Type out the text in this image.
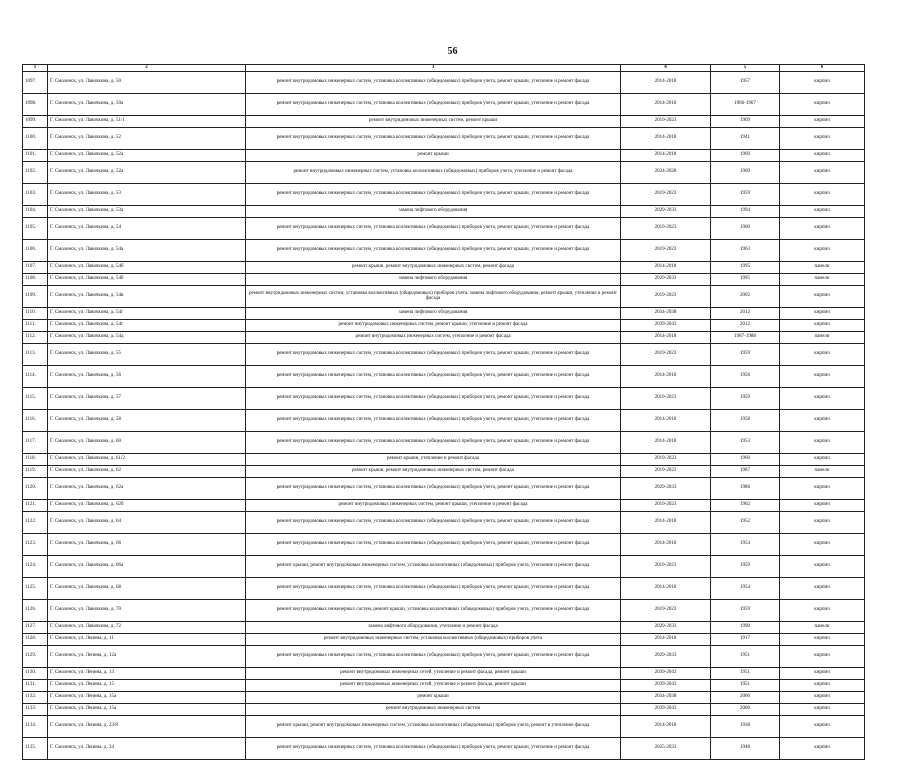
56
1	2	3	4	5	6
1097.	Г. Смоленск, ул. Лавочкина, д. 50	ремонт внутридомовых инженерных систем, установка коллективных (общедомовых) приборов учета, ремонт крыши, утепление и ремонт фасада	2014-2018	1957	кирпич
1098.	Г. Смоленск, ул. Лавочкина, д. 50а	ремонт внутридомовых инженерных систем, установка коллективных (общедомовых) приборов учета, ремонт крыши, утепление и ремонт фасада	2014-2018	1966-1967	кирпич
1099.	Г. Смоленск, ул. Лавочкина, д. 51/1	ремонт внутридомовых инженерных систем, ремонт крыши	2019-2023	1969	кирпич
1100.	Г. Смоленск, ул. Лавочкина, д. 52	ремонт внутридомовых инженерных систем, установка коллективных (общедомовых) приборов учета, ремонт крыши, утепление и ремонт фасада	2014-2018	1941	кирпич
1101.	Г. Смоленск, ул. Лавочкина, д. 52а	ремонт крыши	2014-2018	1969	кирпич
1102.	Г. Смоленск, ул. Лавочкина, д. 52а	ремонт внутридомовых инженерных систем, установка коллективных (общедомовых) приборов учета, утепление и ремонт фасада	2024-2028	1969	кирпич
1103.	Г. Смоленск, ул. Лавочкина, д. 53	ремонт внутридомовых инженерных систем, установка коллективных (общедомовых) приборов учета, ремонт крыши, утепление и ремонт фасада	2019-2023	1959	кирпич
1104.	Г. Смоленск, ул. Лавочкина, д. 53а	замена лифтового оборудования	2029-2033	1994	кирпич
1105.	Г. Смоленск, ул. Лавочкина, д. 54	ремонт внутридомовых инженерных систем, установка коллективных (общедомовых) приборов учета, ремонт крыши, утепление и ремонт фасада	2019-2023	1960	кирпич
1106.	Г. Смоленск, ул. Лавочкина, д. 54а	ремонт внутридомовых инженерных систем, установка коллективных (общедомовых) приборов учета, ремонт крыши, утепление и ремонт фасада	2019-2023	1963	кирпич
1107.	Г. Смоленск, ул. Лавочкина, д. 54б	ремонт крыши, ремонт внутридомовых инженерных систем, ремонт фасада	2014-2018	1995	панели
1108.	Г. Смоленск, ул. Лавочкина, д. 54б	замена лифтового оборудования	2029-2033	1995	панели
1109.	Г. Смоленск, ул. Лавочкина, д. 54в	ремонт внутридомовых инженерных систем, установка коллективных (общедомовых) приборов учета, замена лифтового оборудования, ремонт крыши, утепление и ремонт фасада	2019-2023	2002	кирпич
1110.	Г. Смоленск, ул. Лавочкина, д. 54г	замена лифтового оборудования	2034-2038	2012	кирпич
1111.	Г. Смоленск, ул. Лавочкина, д. 54г	ремонт внутридомовых инженерных систем, ремонт крыши, утепление и ремонт фасада	2039-2043	2012	кирпич
1112.	Г. Смоленск, ул. Лавочкина, д. 54д	ремонт внутридомовых инженерных систем, утепление и ремонт фасада	2014-2018	1987-1988	панели
1113.	Г. Смоленск, ул. Лавочкина, д. 55	ремонт внутридомовых инженерных систем, установка коллективных (общедомовых) приборов учета, ремонт крыши, утепление и ремонт фасада	2019-2023	1959	кирпич
1114.	Г. Смоленск, ул. Лавочкина, д. 56	ремонт внутридомовых инженерных систем, установка коллективных (общедомовых) приборов учета, ремонт крыши, утепление и ремонт фасада	2014-2018	1956	кирпич
1115.	Г. Смоленск, ул. Лавочкина, д. 57	ремонт внутридомовых инженерных систем, установка коллективных (общедомовых) приборов учета, ремонт крыши, утепление и ремонт фасада	2019-2023	1959	кирпич
1116.	Г. Смоленск, ул. Лавочкина, д. 58	ремонт внутридомовых инженерных систем, установка коллективных (общедомовых) приборов учета, ремонт крыши, утепление и ремонт фасада	2014-2018	1958	кирпич
1117.	Г. Смоленск, ул. Лавочкина, д. 60	ремонт внутридомовых инженерных систем, установка коллективных (общедомовых) приборов учета, ремонт крыши, утепление и ремонт фасада	2014-2018	1953	кирпич
1118.	Г. Смоленск, ул. Лавочкина, д. 61/2	ремонт крыши, утепление и ремонт фасада	2019-2023	1960	кирпич
1119.	Г. Смоленск, ул. Лавочкина, д. 62	ремонт крыши, ремонт внутридомовых инженерных систем, ремонт фасада	2019-2023	1987	панели
1120.	Г. Смоленск, ул. Лавочкина, д. 62а	ремонт внутридомовых инженерных систем, установка коллективных (общедомовых) приборов учета, ремонт крыши, утепление и ремонт фасада	2029-2033	1986	кирпич
1121.	Г. Смоленск, ул. Лавочкина, д. 62б	ремонт внутридомовых инженерных систем, ремонт крыши, утепление и ремонт фасада	2019-2023	1962	кирпич
1122.	Г. Смоленск, ул. Лавочкина, д. 64	ремонт внутридомовых инженерных систем, установка коллективных (общедомовых) приборов учета, ремонт крыши, утепление и ремонт фасада	2014-2018	1952	кирпич
1123.	Г. Смоленск, ул. Лавочкина, д. 66	ремонт внутридомовых инженерных систем, установка коллективных (общедомовых) приборов учета, ремонт крыши, утепление и ремонт фасада	2014-2018	1954	кирпич
1124.	Г. Смоленск, ул. Лавочкина, д. 66а	ремонт крыши, ремонт внутридомовых инженерных систем, установка коллективных (общедомовых) приборов учета, утепление и ремонт фасада	2019-2023	1959	кирпич
1125.	Г. Смоленск, ул. Лавочкина, д. 68	ремонт внутридомовых инженерных систем, установка коллективных (общедомовых) приборов учета, ремонт крыши, утепление и ремонт фасада	2014-2018	1954	кирпич
1126.	Г. Смоленск, ул. Лавочкина, д. 70	ремонт внутридомовых инженерных систем, ремонт крыши, установка коллективных (общедомовых) приборов учета, утепление и ремонт фасада	2019-2023	1959	кирпич
1127.	Г. Смоленск, ул. Лавочкина, д. 72	замена лифтового оборудования, утепление и ремонт фасада	2029-2033	1990	панели
1128.	Г. Смоленск, ул. Ленина, д. 11	ремонт внутридомовых инженерных систем, установка коллективных (общедомовых) приборов учета	2014-2018	1917	кирпич
1129.	Г. Смоленск, ул. Ленина, д. 12а	ремонт внутридомовых инженерных систем, установка коллективных (общедомовых) приборов учета, ремонт крыши, утепление и ремонт фасада	2029-2033	1951	кирпич
1130.	Г. Смоленск, ул. Ленина, д. 13	ремонт внутридомовых инженерных сетей, утепление и ремонт фасада, ремонт крыши	2039-2043	1951	кирпич
1131.	Г. Смоленск, ул. Ленина, д. 15	ремонт внутридомовых инженерных сетей, утепление и ремонт фасада, ремонт крыши	2039-2043	1951	кирпич
1132.	Г. Смоленск, ул. Ленина, д. 15а	ремонт крыши	2034-2038	2006	кирпич
1133.	Г. Смоленск, ул. Ленина, д. 15а	ремонт внутридомовых инженерных систем	2039-2043	2006	кирпич
1134.	Г. Смоленск, ул. Ленина, д. 23/8	ремонт крыши, ремонт внутридомовых инженерных систем, установка коллективных (общедомовых) приборов учета, ремонт и утепление фасада	2014-2018	1938	кирпич
1135.	Г. Смоленск, ул. Ленина, д. 24	ремонт внутридомовых инженерных систем, установка коллективных (общедомовых) приборов учета, ремонт крыши, утепление и ремонт фасада	2025-2033	1948	кирпич
